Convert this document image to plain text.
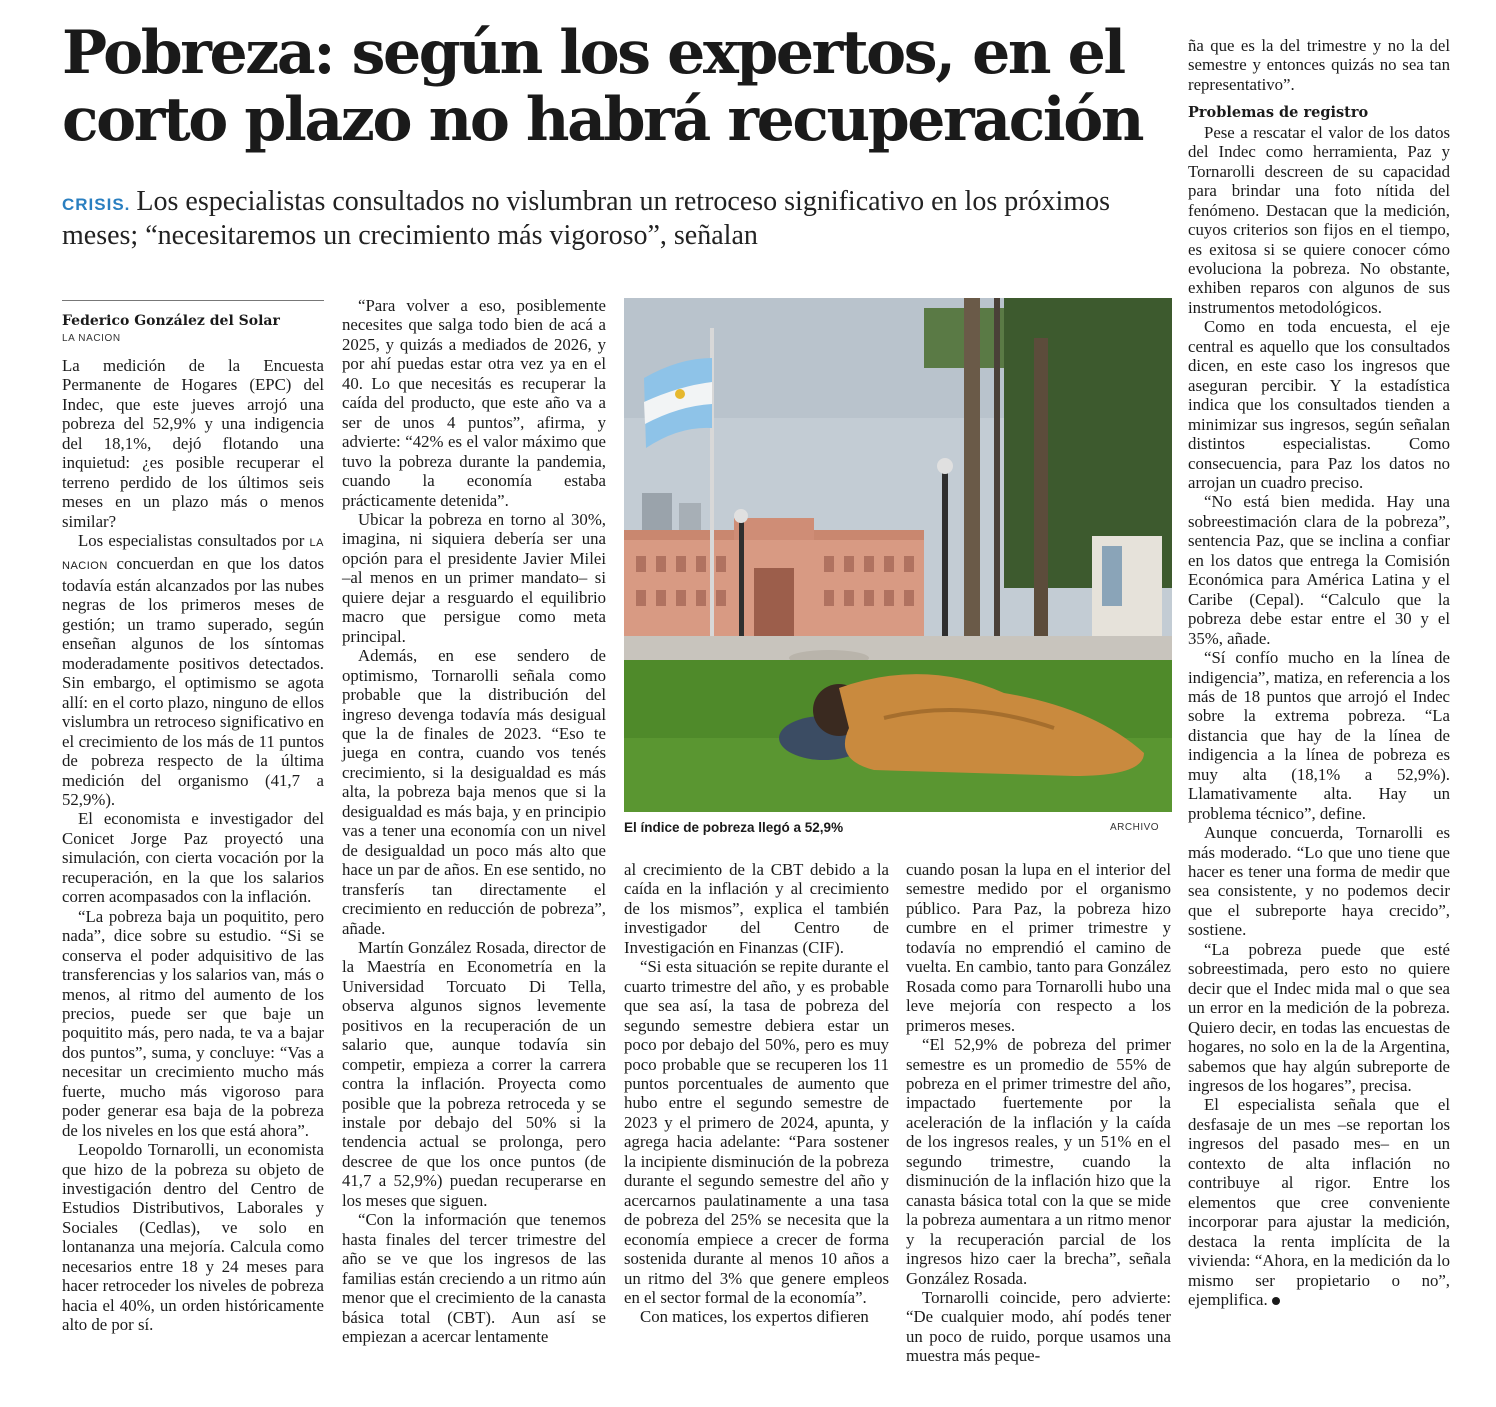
Pobreza: según los expertos, en el corto plazo no habrá recuperación

CRISIS. Los especialistas consultados no vislumbran un retroceso significativo en los próximos meses; “necesitaremos un crecimiento más vigoroso”, señalan

Federico González del Solar
LA NACION

La medición de la Encuesta Permanente de Hogares (EPC) del Indec, que este jueves arrojó una pobreza del 52,9% y una indigencia del 18,1%, dejó flotando una inquietud: ¿es posible recuperar el terreno perdido de los últimos seis meses en un plazo más o menos similar?

Los especialistas consultados por LA NACION concuerdan en que los datos todavía están alcanzados por las nubes negras de los primeros meses de gestión; un tramo superado, según enseñan algunos de los síntomas moderadamente positivos detectados. Sin embargo, el optimismo se agota allí: en el corto plazo, ninguno de ellos vislumbra un retroceso significativo en el crecimiento de los más de 11 puntos de pobreza respecto de la última medición del organismo (41,7 a 52,9%).

El economista e investigador del Conicet Jorge Paz proyectó una simulación, con cierta vocación por la recuperación, en la que los salarios corren acompasados con la inflación.

“La pobreza baja un poquitito, pero nada”, dice sobre su estudio. “Si se conserva el poder adquisitivo de las transferencias y los salarios van, más o menos, al ritmo del aumento de los precios, puede ser que baje un poquitito más, pero nada, te va a bajar dos puntos”, suma, y concluye: “Vas a necesitar un crecimiento mucho más fuerte, mucho más vigoroso para poder generar esa baja de la pobreza de los niveles en los que está ahora”.

Leopoldo Tornarolli, un economista que hizo de la pobreza su objeto de investigación dentro del Centro de Estudios Distributivos, Laborales y Sociales (Cedlas), ve solo en lontananza una mejoría. Calcula como necesarios entre 18 y 24 meses para hacer retroceder los niveles de pobreza hacia el 40%, un orden históricamente alto de por sí.

“Para volver a eso, posiblemente necesites que salga todo bien de acá a 2025, y quizás a mediados de 2026, y por ahí puedas estar otra vez ya en el 40. Lo que necesitás es recuperar la caída del producto, que este año va a ser de unos 4 puntos”, afirma, y advierte: “42% es el valor máximo que tuvo la pobreza durante la pandemia, cuando la economía estaba prácticamente detenida”.

Ubicar la pobreza en torno al 30%, imagina, ni siquiera debería ser una opción para el presidente Javier Milei –al menos en un primer mandato– si quiere dejar a resguardo el equilibrio macro que persigue como meta principal.

Además, en ese sendero de optimismo, Tornarolli señala como probable que la distribución del ingreso devenga todavía más desigual que la de finales de 2023. “Eso te juega en contra, cuando vos tenés crecimiento, si la desigualdad es más alta, la pobreza baja menos que si la desigualdad es más baja, y en principio vas a tener una economía con un nivel de desigualdad un poco más alto que hace un par de años. En ese sentido, no transferís tan directamente el crecimiento en reducción de pobreza”, añade.

Martín González Rosada, director de la Maestría en Econometría en la Universidad Torcuato Di Tella, observa algunos signos levemente positivos en la recuperación de un salario que, aunque todavía sin competir, empieza a correr la carrera contra la inflación. Proyecta como posible que la pobreza retroceda y se instale por debajo del 50% si la tendencia actual se prolonga, pero descree de que los once puntos (de 41,7 a 52,9%) puedan recuperarse en los meses que siguen.

“Con la información que tenemos hasta finales del tercer trimestre del año se ve que los ingresos de las familias están creciendo a un ritmo aún menor que el crecimiento de la canasta básica total (CBT). Aun así se empiezan a acercar lentamente

El índice de pobreza llegó a 52,9%	ARCHIVO

al crecimiento de la CBT debido a la caída en la inflación y al crecimiento de los mismos”, explica el también investigador del Centro de Investigación en Finanzas (CIF).

“Si esta situación se repite durante el cuarto trimestre del año, y es probable que sea así, la tasa de pobreza del segundo semestre debiera estar un poco por debajo del 50%, pero es muy poco probable que se recuperen los 11 puntos porcentuales de aumento que hubo entre el segundo semestre de 2023 y el primero de 2024, apunta, y agrega hacia adelante: “Para sostener la incipiente disminución de la pobreza durante el segundo semestre del año y acercarnos paulatinamente a una tasa de pobreza del 25% se necesita que la economía empiece a crecer de forma sostenida durante al menos 10 años a un ritmo del 3% que genere empleos en el sector formal de la economía”.

Con matices, los expertos difieren

cuando posan la lupa en el interior del semestre medido por el organismo público. Para Paz, la pobreza hizo cumbre en el primer trimestre y todavía no emprendió el camino de vuelta. En cambio, tanto para González Rosada como para Tornarolli hubo una leve mejoría con respecto a los primeros meses.

“El 52,9% de pobreza del primer semestre es un promedio de 55% de pobreza en el primer trimestre del año, impactado fuertemente por la aceleración de la inflación y la caída de los ingresos reales, y un 51% en el segundo trimestre, cuando la disminución de la inflación hizo que la canasta básica total con la que se mide la pobreza aumentara a un ritmo menor y la recuperación parcial de los ingresos hizo caer la brecha”, señala González Rosada.

Tornarolli coincide, pero advierte: “De cualquier modo, ahí podés tener un poco de ruido, porque usamos una muestra más peque-

ña que es la del trimestre y no la del semestre y entonces quizás no sea tan representativo”.

Problemas de registro

Pese a rescatar el valor de los datos del Indec como herramienta, Paz y Tornarolli descreen de su capacidad para brindar una foto nítida del fenómeno. Destacan que la medición, cuyos criterios son fijos en el tiempo, es exitosa si se quiere conocer cómo evoluciona la pobreza. No obstante, exhiben reparos con algunos de sus instrumentos metodológicos.

Como en toda encuesta, el eje central es aquello que los consultados dicen, en este caso los ingresos que aseguran percibir. Y la estadística indica que los consultados tienden a minimizar sus ingresos, según señalan distintos especialistas. Como consecuencia, para Paz los datos no arrojan un cuadro preciso.

“No está bien medida. Hay una sobreestimación clara de la pobreza”, sentencia Paz, que se inclina a confiar en los datos que entrega la Comisión Económica para América Latina y el Caribe (Cepal). “Calculo que la pobreza debe estar entre el 30 y el 35%, añade.

“Sí confío mucho en la línea de indigencia”, matiza, en referencia a los más de 18 puntos que arrojó el Indec sobre la extrema pobreza. “La distancia que hay de la línea de indigencia a la línea de pobreza es muy alta (18,1% a 52,9%). Llamativamente alta. Hay un problema técnico”, define.

Aunque concuerda, Tornarolli es más moderado. “Lo que uno tiene que hacer es tener una forma de medir que sea consistente, y no podemos decir que el subreporte haya crecido”, sostiene.

“La pobreza puede que esté sobreestimada, pero esto no quiere decir que el Indec mida mal o que sea un error en la medición de la pobreza. Quiero decir, en todas las encuestas de hogares, no solo en la de la Argentina, sabemos que hay algún subreporte de ingresos de los hogares”, precisa.

El especialista señala que el desfasaje de un mes –se reportan los ingresos del pasado mes– en un contexto de alta inflación no contribuye al rigor. Entre los elementos que cree conveniente incorporar para ajustar la medición, destaca la renta implícita de la vivienda: “Ahora, en la medición da lo mismo ser propietario o no”, ejemplifica.
